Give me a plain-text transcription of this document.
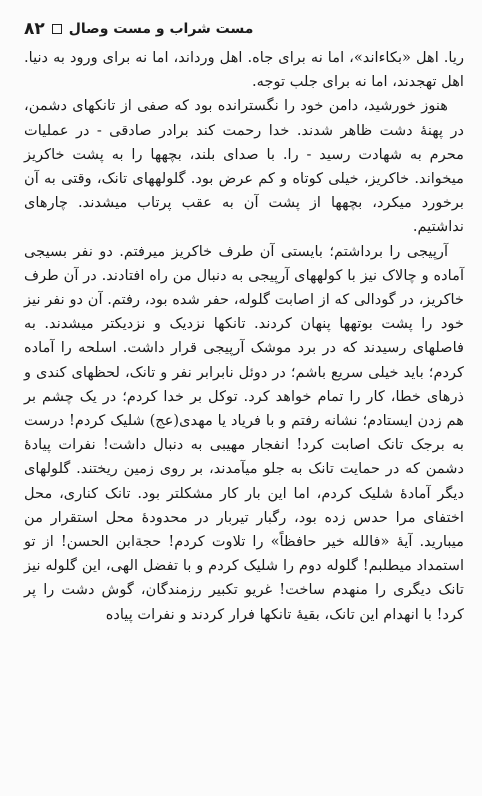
٨٢ مست شراب و مست وصال

ریا. اهل «بکاءاند»، اما نه برای جاه. اهل ورداند، اما نه برای ورود به دنیا. اهل تهجدند، اما نه برای جلب توجه.

هنوز خورشید، دامن خود را نگسترانده بود که صفی از تانکهای دشمن، در پهنهٔ دشت ظاهر شدند. خدا رحمت کند برادر صادقی - در عملیات محرم به شهادت رسید - را. با صدای بلند، بچهها را به پشت خاکریز میخواند. خاکریز، خیلی کوتاه و کم عرض بود. گلولههای تانک، وقتی به آن برخورد میکرد، بچهها از پشت آن به عقب پرتاب میشدند. چارهای نداشتیم.

آرپیجی را برداشتم؛ بایستی آن طرف خاکریز میرفتم. دو نفر بسیجی آماده و چالاک نیز با کولههای آرپیجی به دنبال من راه افتادند. در آن طرف خاکریز، در گودالی که از اصابت گلوله، حفر شده بود، رفتم. آن دو نفر نیز خود را پشت بوتهها پنهان کردند. تانکها نزدیک و نزدیکتر میشدند. به فاصلهای رسیدند که در برد موشک آرپیجی قرار داشت. اسلحه را آماده کردم؛ باید خیلی سریع باشم؛ در دوئل نابرابر نفر و تانک، لحظهای کندی و ذرهای خطا، کار را تمام خواهد کرد. توکل بر خدا کردم؛ در یک چشم بر هم زدن ایستادم؛ نشانه رفتم و با فریاد یا مهدی(عج) شلیک کردم! درست به برجک تانک اصابت کرد! انفجار مهیبی به دنبال داشت! نفرات پیادهٔ دشمن که در حمایت تانک به جلو میآمدند، بر روی زمین ریختند. گلولهای دیگر آمادهٔ شلیک کردم، اما این بار کار مشکلتر بود. تانک کناری، محل اختفای مرا حدس زده بود، رگبار تیربار در محدودهٔ محل استقرار من میبارید. آیهٔ «فالله خیر حافظاً» را تلاوت کردم! حجةابن الحسن! از تو استمداد میطلبم! گلوله دوم را شلیک کردم و با تفضل الهی، این گلوله نیز تانک دیگری را منهدم ساخت! غریو تکبیر رزمندگان، گوش دشت را پر کرد! با انهدام این تانک، بقیهٔ تانکها فرار کردند و نفرات پیاده
